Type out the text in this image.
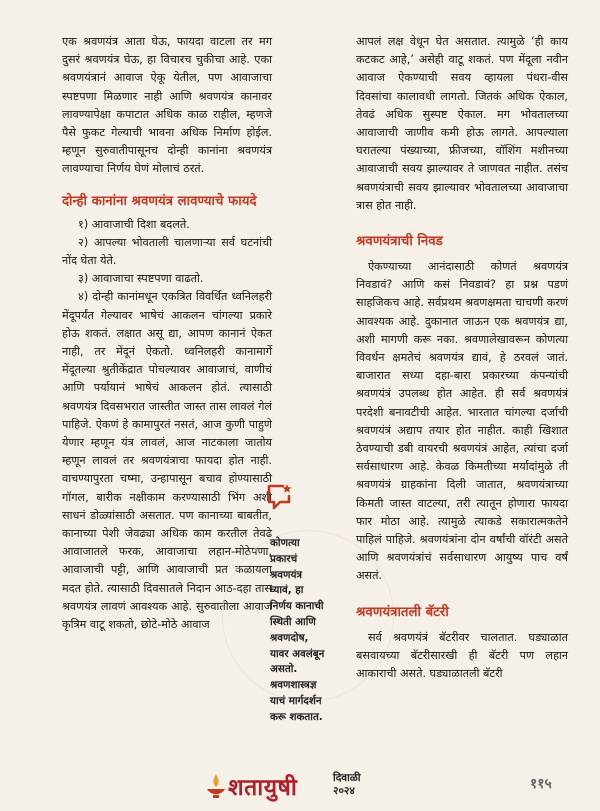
एक श्रवणयंत्र आता घेऊ, फायदा वाटला तर मग दुसरं श्रवणयंत्र घेऊ, हा विचारच चुकीचा आहे. एका श्रवणयंत्रानं आवाज ऐकू येतील, पण आवाजाचा स्पष्टपणा मिळणार नाही आणि श्रवणयंत्र कानावर लावण्यापेक्षा कपाटात अधिक काळ राहील, म्हणजे पैसे फुकट गेल्याची भावना अधिक निर्माण होईल. म्हणून सुरुवातीपासूनच दोन्ही कानांना श्रवणयंत्र लावण्याचा निर्णय घेणं मोलाचं ठरतं.

दोन्ही कानांना श्रवणयंत्र लावण्याचे फायदे
१) आवाजाची दिशा बदलते.
२) आपल्या भोवताली चालणाऱ्या सर्व घटनांची नोंद घेता येते.
३) आवाजाचा स्पष्टपणा वाढतो.
४) दोन्ही कानांमधून एकत्रित विवर्धित ध्वनिलहरी मेंदूपर्यंत गेल्यावर भाषेचं आकलन चांगल्या प्रकारे होऊ शकतं. लक्षात असू द्या, आपण कानानं ऐकत नाही, तर मेंदूनं ऐकतो. ध्वनिलहरी कानामार्गे मेंदूतल्या श्रुतीकेंद्रात पोचल्यावर आवाजाचं, वाणीचं आणि पर्यायानं भाषेचं आकलन होतं. त्यासाठी श्रवणयंत्र दिवसभरात जास्तीत जास्त तास लावलं गेलं पाहिजे. ऐकणं हे कामापुरतं नसतं, आज कुणी पाहुणे येणार म्हणून यंत्र लावलं, आज नाटकाला जातोय म्हणून लावलं तर श्रवणयंत्राचा फायदा होत नाही. वाचण्यापुरता चष्मा, उन्हापासून बचाव होण्यासाठी गॉगल, बारीक नक्षीकाम करण्यासाठी भिंग अशी साधनं डोळ्यांसाठी असतात. पण कानाच्या बाबतीत, कानाच्या पेशी जेवढ्या अधिक काम करतील तेवढे आवाजातले फरक, आवाजाचा लहान-मोठेपणा, आवाजाची पट्टी, आणि आवाजाची प्रत कळायला मदत होते. त्यासाठी दिवसातले निदान आठ-दहा तास श्रवणयंत्र लावणं आवश्यक आहे. सुरुवातीला आवाज कृत्रिम वाटू शकतो, छोटे-मोठे आवाज
कोणत्या
प्रकारचं
श्रवणयंत्र
घ्यावं, हा
निर्णय कानाची
स्थिती आणि
श्रवणदोष,
यावर अवलंबून
असतो.
श्रवणशास्त्रज्ञ
याचं मार्गदर्शन
करू शकतात.

आपलं लक्ष वेधून घेत असतात. त्यामुळे ‘ही काय कटकट आहे,’ असेही वाटू शकतं. पण मेंदूला नवीन आवाज ऐकण्याची सवय व्हायला पंधरा-वीस दिवसांचा कालावधी लागतो. जितकं अधिक ऐकाल, तेवढं अधिक सुस्पष्ट ऐकाल. मग भोवतालच्या आवाजाची जाणीव कमी होऊ लागते. आपल्याला घरातल्या पंख्याच्या, फ्रीजच्या, वॉशिंग मशीनच्या आवाजाची सवय झाल्यावर ते जाणवत नाहीत. तसंच श्रवणयंत्राची सवय झाल्यावर भोवतालच्या आवाजाचा त्रास होत नाही.

श्रवणयंत्राची निवड

ऐकण्याच्या आनंदासाठी कोणतं श्रवणयंत्र निवडावं? आणि कसं निवडावं? हा प्रश्न पडणं साहजिकच आहे. सर्वप्रथम श्रवणक्षमता चाचणी करणं आवश्यक आहे. दुकानात जाऊन एक श्रवणयंत्र द्या, अशी मागणी करू नका. श्रवणालेखावरून कोणत्या विवर्धन क्षमतेचं श्रवणयंत्र द्यावं, हे ठरवलं जातं. बाजारात सध्या दहा-बारा प्रकारच्या कंपन्यांची श्रवणयंत्रं उपलब्ध होत आहेत. ही सर्व श्रवणयंत्रं परदेशी बनावटीची आहेत. भारतात चांगल्या दर्जाची श्रवणयंत्रं अद्याप तयार होत नाहीत. काही खिशात ठेवण्याची डबी वायरची श्रवणयंत्रं आहेत, त्यांचा दर्जा सर्वसाधारण आहे. केवळ किमतीच्या मर्यादांमुळे ती श्रवणयंत्रं ग्राहकांना दिली जातात, श्रवणयंत्राच्या किमती जास्त वाटल्या, तरी त्यातून होणारा फायदा फार मोठा आहे. त्यामुळे त्याकडे सकारात्मकतेने पाहिलं पाहिजे. श्रवणयंत्रांना दोन वर्षांची वॉरंटी असते आणि श्रवणयंत्रांचं सर्वसाधारण आयुष्य पाच वर्षं असतं.

श्रवणयंत्रातली बॅटरी

सर्व श्रवणयंत्रं बॅटरीवर चालतात. घड्याळात बसवायच्या बॅटरीसारखी ही बॅटरी पण लहान आकाराची असते. घड्याळातली बॅटरी

शतायुषी	दिवाळी
२०२४	११५
